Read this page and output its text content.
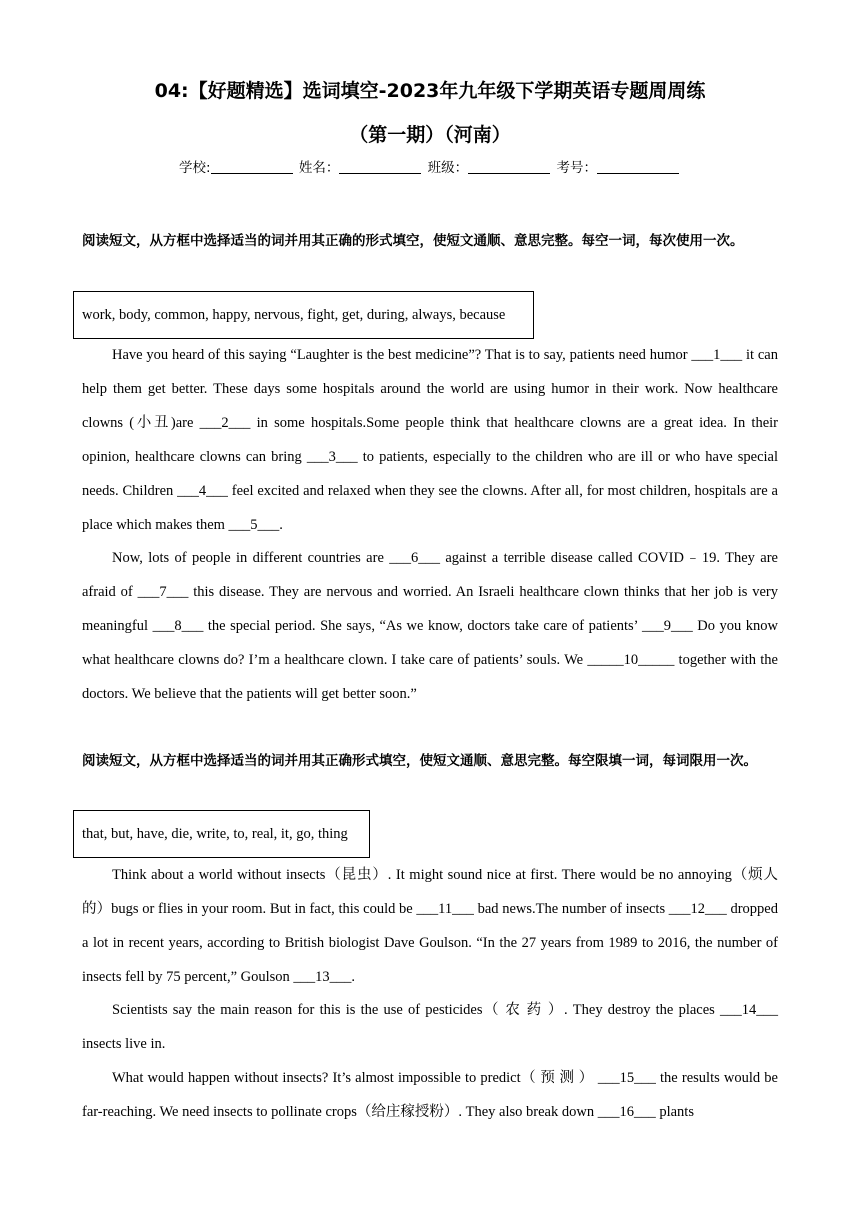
04:【好题精选】选词填空-2023年九年级下学期英语专题周周练
（第一期）（河南）
学校:	姓名：	班级：	考号：
阅读短文，从方框中选择适当的词并用其正确的形式填空，使短文通顺、意思完整。每空一词，每次使用一次。
work, body, common, happy, nervous, fight, get, during, always, because

Have you heard of this saying “Laughter is the best medicine”? That is to say, patients need humor ___1___ it can help them get better. These days some hospitals around the world are using humor in their work. Now healthcare clowns (小丑)are ___2___ in some hospitals.Some people think that healthcare clowns are a great idea. In their opinion, healthcare clowns can bring ___3___ to patients, especially to the children who are ill or who have special needs. Children ___4___ feel excited and relaxed when they see the clowns. After all, for most children, hospitals are a place which makes them ___5___.

Now, lots of people in different countries are ___6___ against a terrible disease called COVID﹣19. They are afraid of ___7___ this disease. They are nervous and worried. An Israeli healthcare clown thinks that her job is very meaningful ___8___ the special period. She says, “As we know, doctors take care of patients’ ___9___ Do you know what healthcare clowns do? I’m a healthcare clown. I take care of patients’ souls. We _____10_____ together with the doctors. We believe that the patients will get better soon.”

阅读短文，从方框中选择适当的词并用其正确形式填空，使短文通顺、意思完整。每空限填一词，每词限用一次。
that, but, have, die, write, to, real, it, go, thing

Think about a world without insects（昆虫）. It might sound nice at first. There would be no annoying（烦人的）bugs or flies in your room. But in fact, this could be ___11___ bad news.The number of insects ___12___ dropped a lot in recent years, according to British biologist Dave Goulson. “In the 27 years from 1989 to 2016, the number of insects fell by 75 percent,” Goulson ___13___.

Scientists say the main reason for this is the use of pesticides（ 农 药 ）. They destroy the places ___14___ insects live in.

What would happen without insects? It’s almost impossible to predict（ 预 测 ） ___15___ the results would be far-reaching. We need insects to pollinate crops（给庄稼授粉）. They also break down ___16___ plants
